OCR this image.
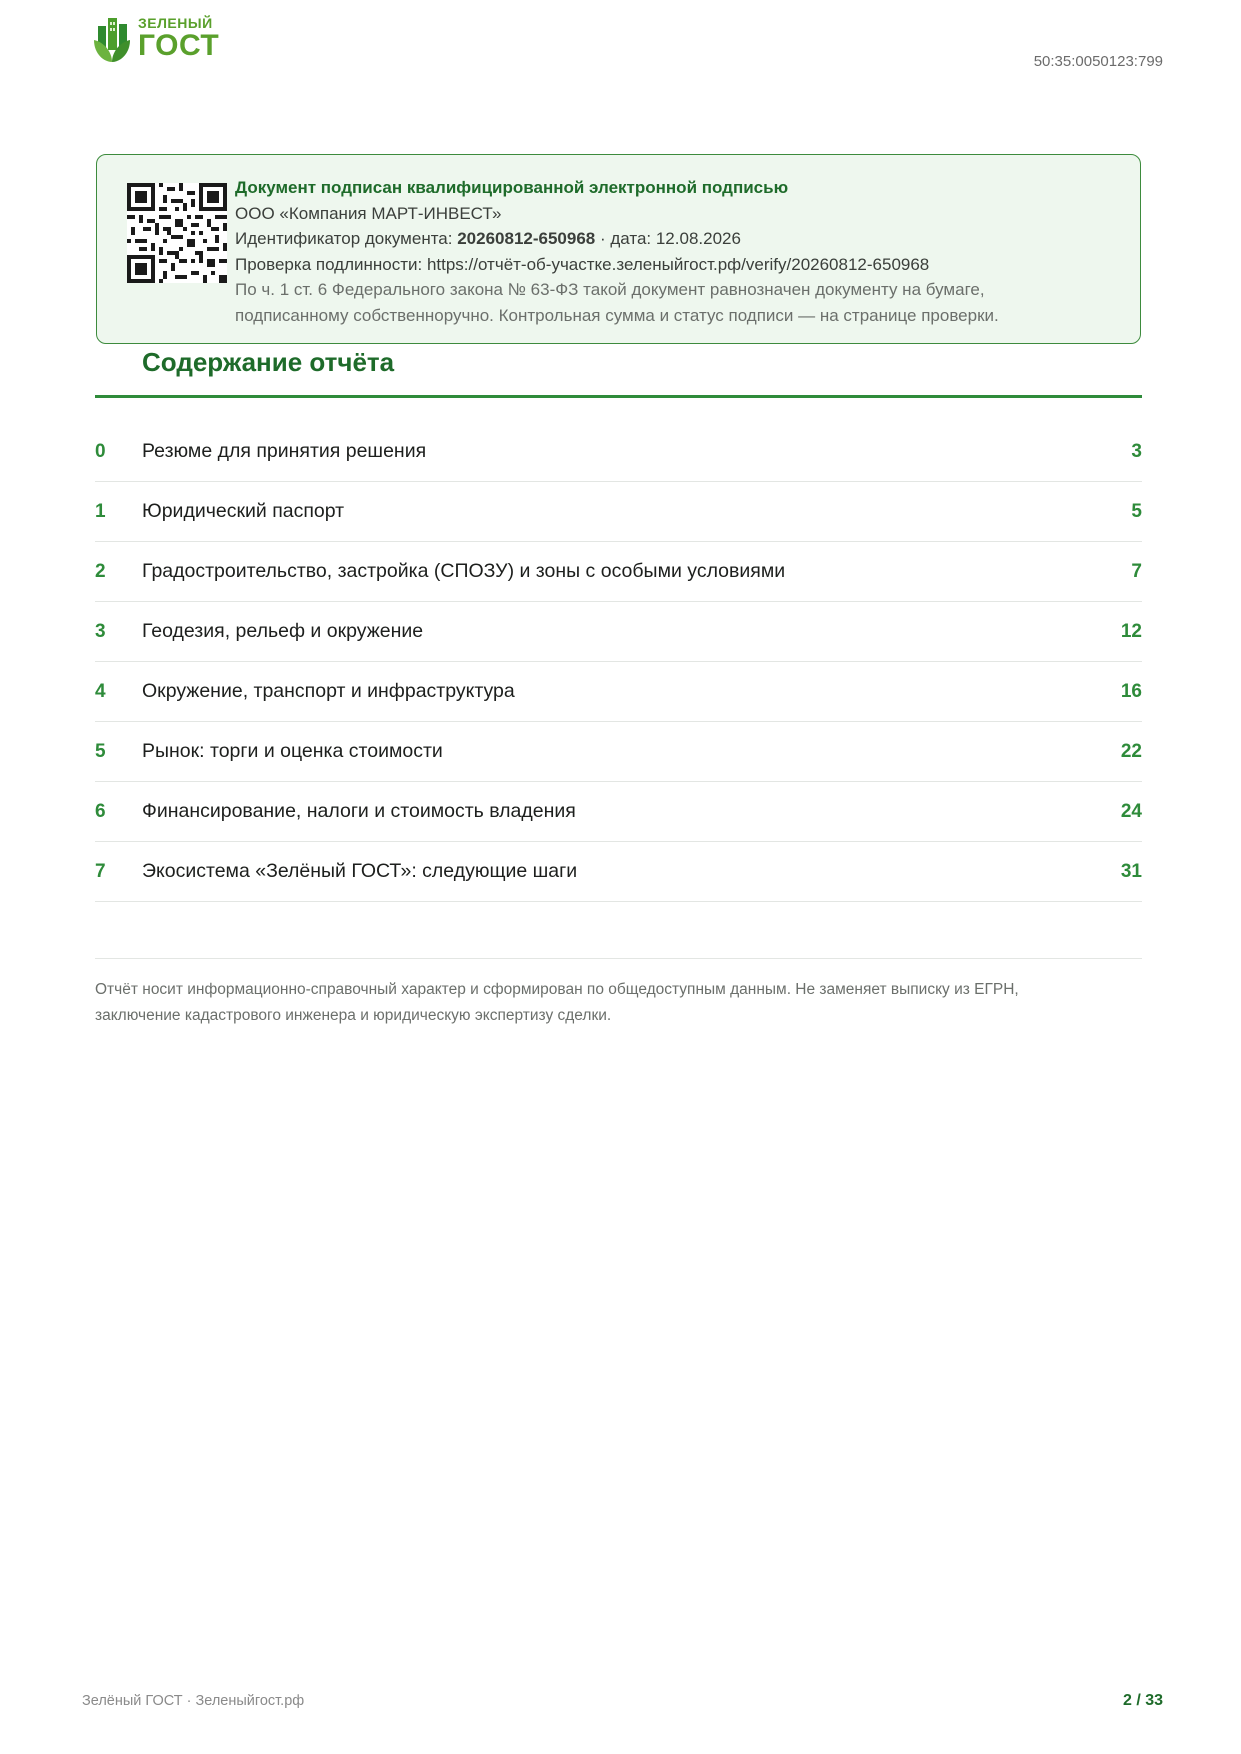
ЗЕЛЕНЫЙ
ГОСТ	50:35:0050123:799
Документ подписан квалифицированной электронной подписью
ООО «Компания МАРТ-ИНВЕСТ»
Идентификатор документа: 20260812-650968 · дата: 12.08.2026
Проверка подлинности: https://отчёт-об-участке.зеленыйгост.рф/verify/20260812-650968
По ч. 1 ст. 6 Федерального закона № 63-ФЗ такой документ равнозначен документу на бумаге,
подписанному собственноручно. Контрольная сумма и статус подписи — на странице проверки.
Содержание отчёта
0	Резюме для принятия решения	3
1	Юридический паспорт	5
2	Градостроительство, застройка (СПОЗУ) и зоны с особыми условиями	7
3	Геодезия, рельеф и окружение	12
4	Окружение, транспорт и инфраструктура	16
5	Рынок: торги и оценка стоимости	22
6	Финансирование, налоги и стоимость владения	24
7	Экосистема «Зелёный ГОСТ»: следующие шаги	31
Отчёт носит информационно-справочный характер и сформирован по общедоступным данным. Не заменяет выписку из ЕГРН,
заключение кадастрового инженера и юридическую экспертизу сделки.
Зелёный ГОСТ · Зеленыйгост.рф	2 / 33
